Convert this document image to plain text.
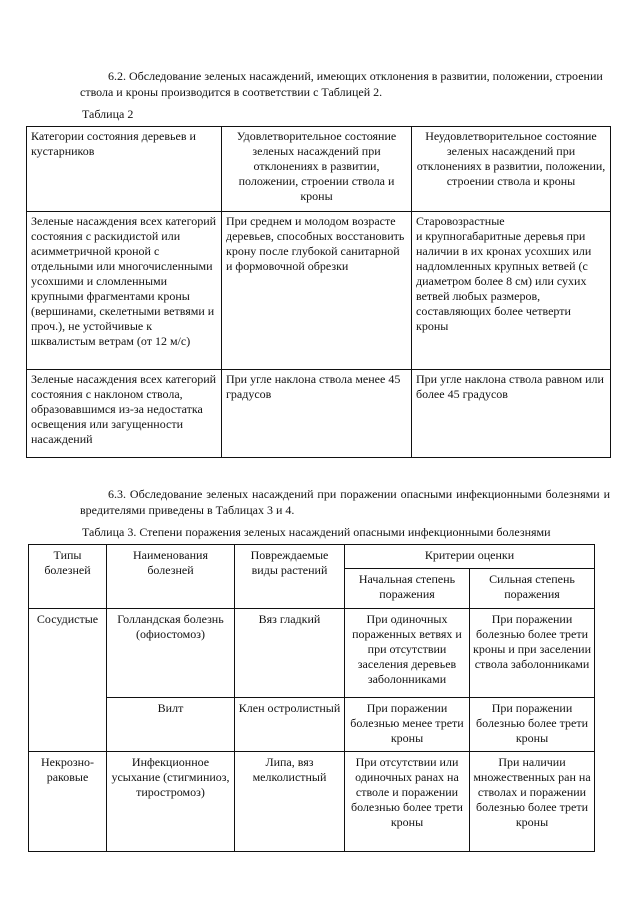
6.2. Обследование зеленых насаждений, имеющих отклонения в развитии, положении, строении ствола и кроны производится в соответствии с Таблицей 2.
Таблица 2
Категории состояния деревьев и кустарников	Удовлетворительное состояние зеленых насаждений при отклонениях в развитии, положении, строении ствола и кроны	Неудовлетворительное состояние зеленых насаждений при отклонениях в развитии, положении, строении ствола и кроны
Зеленые насаждения всех категорий состояния с раскидистой или асимметричной кроной с отдельными или многочисленными усохшими и сломленными крупными фрагментами кроны (вершинами, скелетными ветвями и проч.), не устойчивые к шквалистым ветрам (от 12 м/с)	При среднем и молодом возрасте деревьев, способных восстановить крону после глубокой санитарной и формовочной обрезки	Старовозрастные
и крупногабаритные деревья при наличии в их кронах усохших или надломленных крупных ветвей (с диаметром более 8 см) или сухих ветвей любых размеров, составляющих более четверти кроны
Зеленые насаждения всех категорий состояния с наклоном ствола, образовавшимся из-за недостатка освещения или загущенности насаждений	При угле наклона ствола менее 45 градусов	При угле наклона ствола равном или более 45 градусов
6.3. Обследование зеленых насаждений при поражении опасными инфекционными болезнями и вредителями приведены в Таблицах 3 и 4.
Таблица 3. Степени поражения зеленых насаждений опасными инфекционными болезнями
Типы болезней	Наименования болезней	Повреждаемые виды растений	Критерии оценки	
			Начальная степень поражения	Сильная степень поражения
Сосудистые	Голландская болезнь (офиостомоз)	Вяз гладкий	При одиночных пораженных ветвях и при отсутствии заселения деревьев заболонниками	При поражении болезнью более трети кроны и при заселении ствола заболонниками
	Вилт	Клен остролистный	При поражении болезнью менее трети кроны	При поражении болезнью более трети кроны
Некрозно-раковые	Инфекционное усыхание (стигминиоз, тиростромоз)	Липа, вяз мелколистный	При отсутствии или одиночных ранах на стволе и поражении болезнью более трети кроны	При наличии множественных ран на стволах и поражении болезнью более трети кроны
